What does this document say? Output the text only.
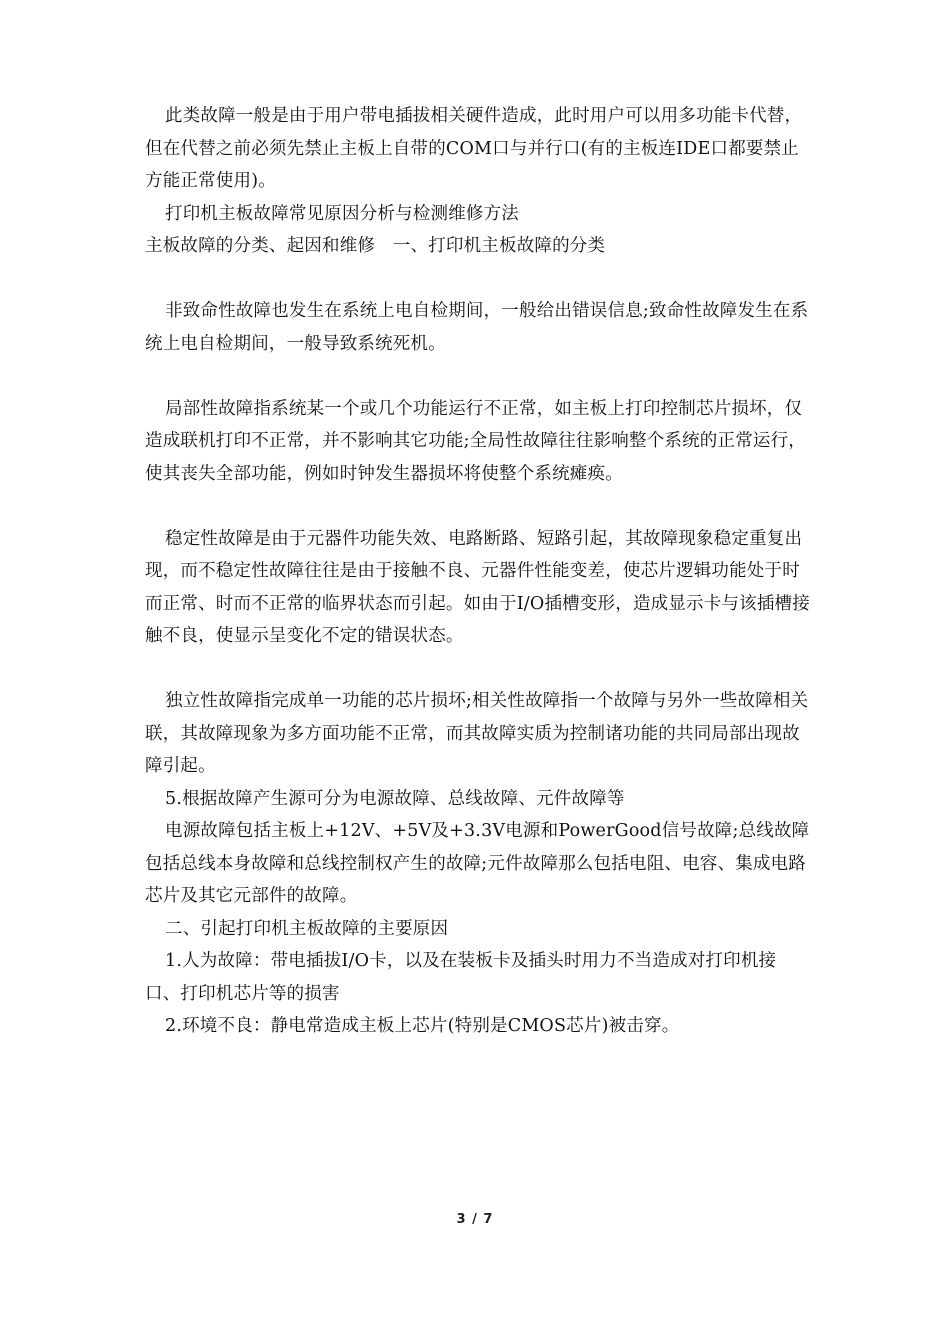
此类故障一般是由于用户带电插拔相关硬件造成，此时用户可以用多功能卡代替，但在代替之前必须先禁止主板上自带的COM口与并行口(有的主板连IDE口都要禁止方能正常使用)。

打印机主板故障常见原因分析与检测维修方法

主板故障的分类、起因和维修　一、打印机主板故障的分类

非致命性故障也发生在系统上电自检期间，一般给出错误信息;致命性故障发生在系统上电自检期间，一般导致系统死机。

局部性故障指系统某一个或几个功能运行不正常，如主板上打印控制芯片损坏，仅造成联机打印不正常，并不影响其它功能;全局性故障往往影响整个系统的正常运行，使其丧失全部功能，例如时钟发生器损坏将使整个系统瘫痪。

稳定性故障是由于元器件功能失效、电路断路、短路引起，其故障现象稳定重复出现，而不稳定性故障往往是由于接触不良、元器件性能变差，使芯片逻辑功能处于时而正常、时而不正常的临界状态而引起。如由于I/O插槽变形，造成显示卡与该插槽接触不良，使显示呈变化不定的错误状态。

独立性故障指完成单一功能的芯片损坏;相关性故障指一个故障与另外一些故障相关联，其故障现象为多方面功能不正常，而其故障实质为控制诸功能的共同局部出现故障引起。

5.根据故障产生源可分为电源故障、总线故障、元件故障等

电源故障包括主板上+12V、+5V及+3.3V电源和PowerGood信号故障;总线故障包括总线本身故障和总线控制权产生的故障;元件故障那么包括电阻、电容、集成电路芯片及其它元部件的故障。

二、引起打印机主板故障的主要原因

1.人为故障：带电插拔I/O卡，以及在装板卡及插头时用力不当造成对打印机接口、打印机芯片等的损害

2.环境不良：静电常造成主板上芯片(特别是CMOS芯片)被击穿。

3 / 7
